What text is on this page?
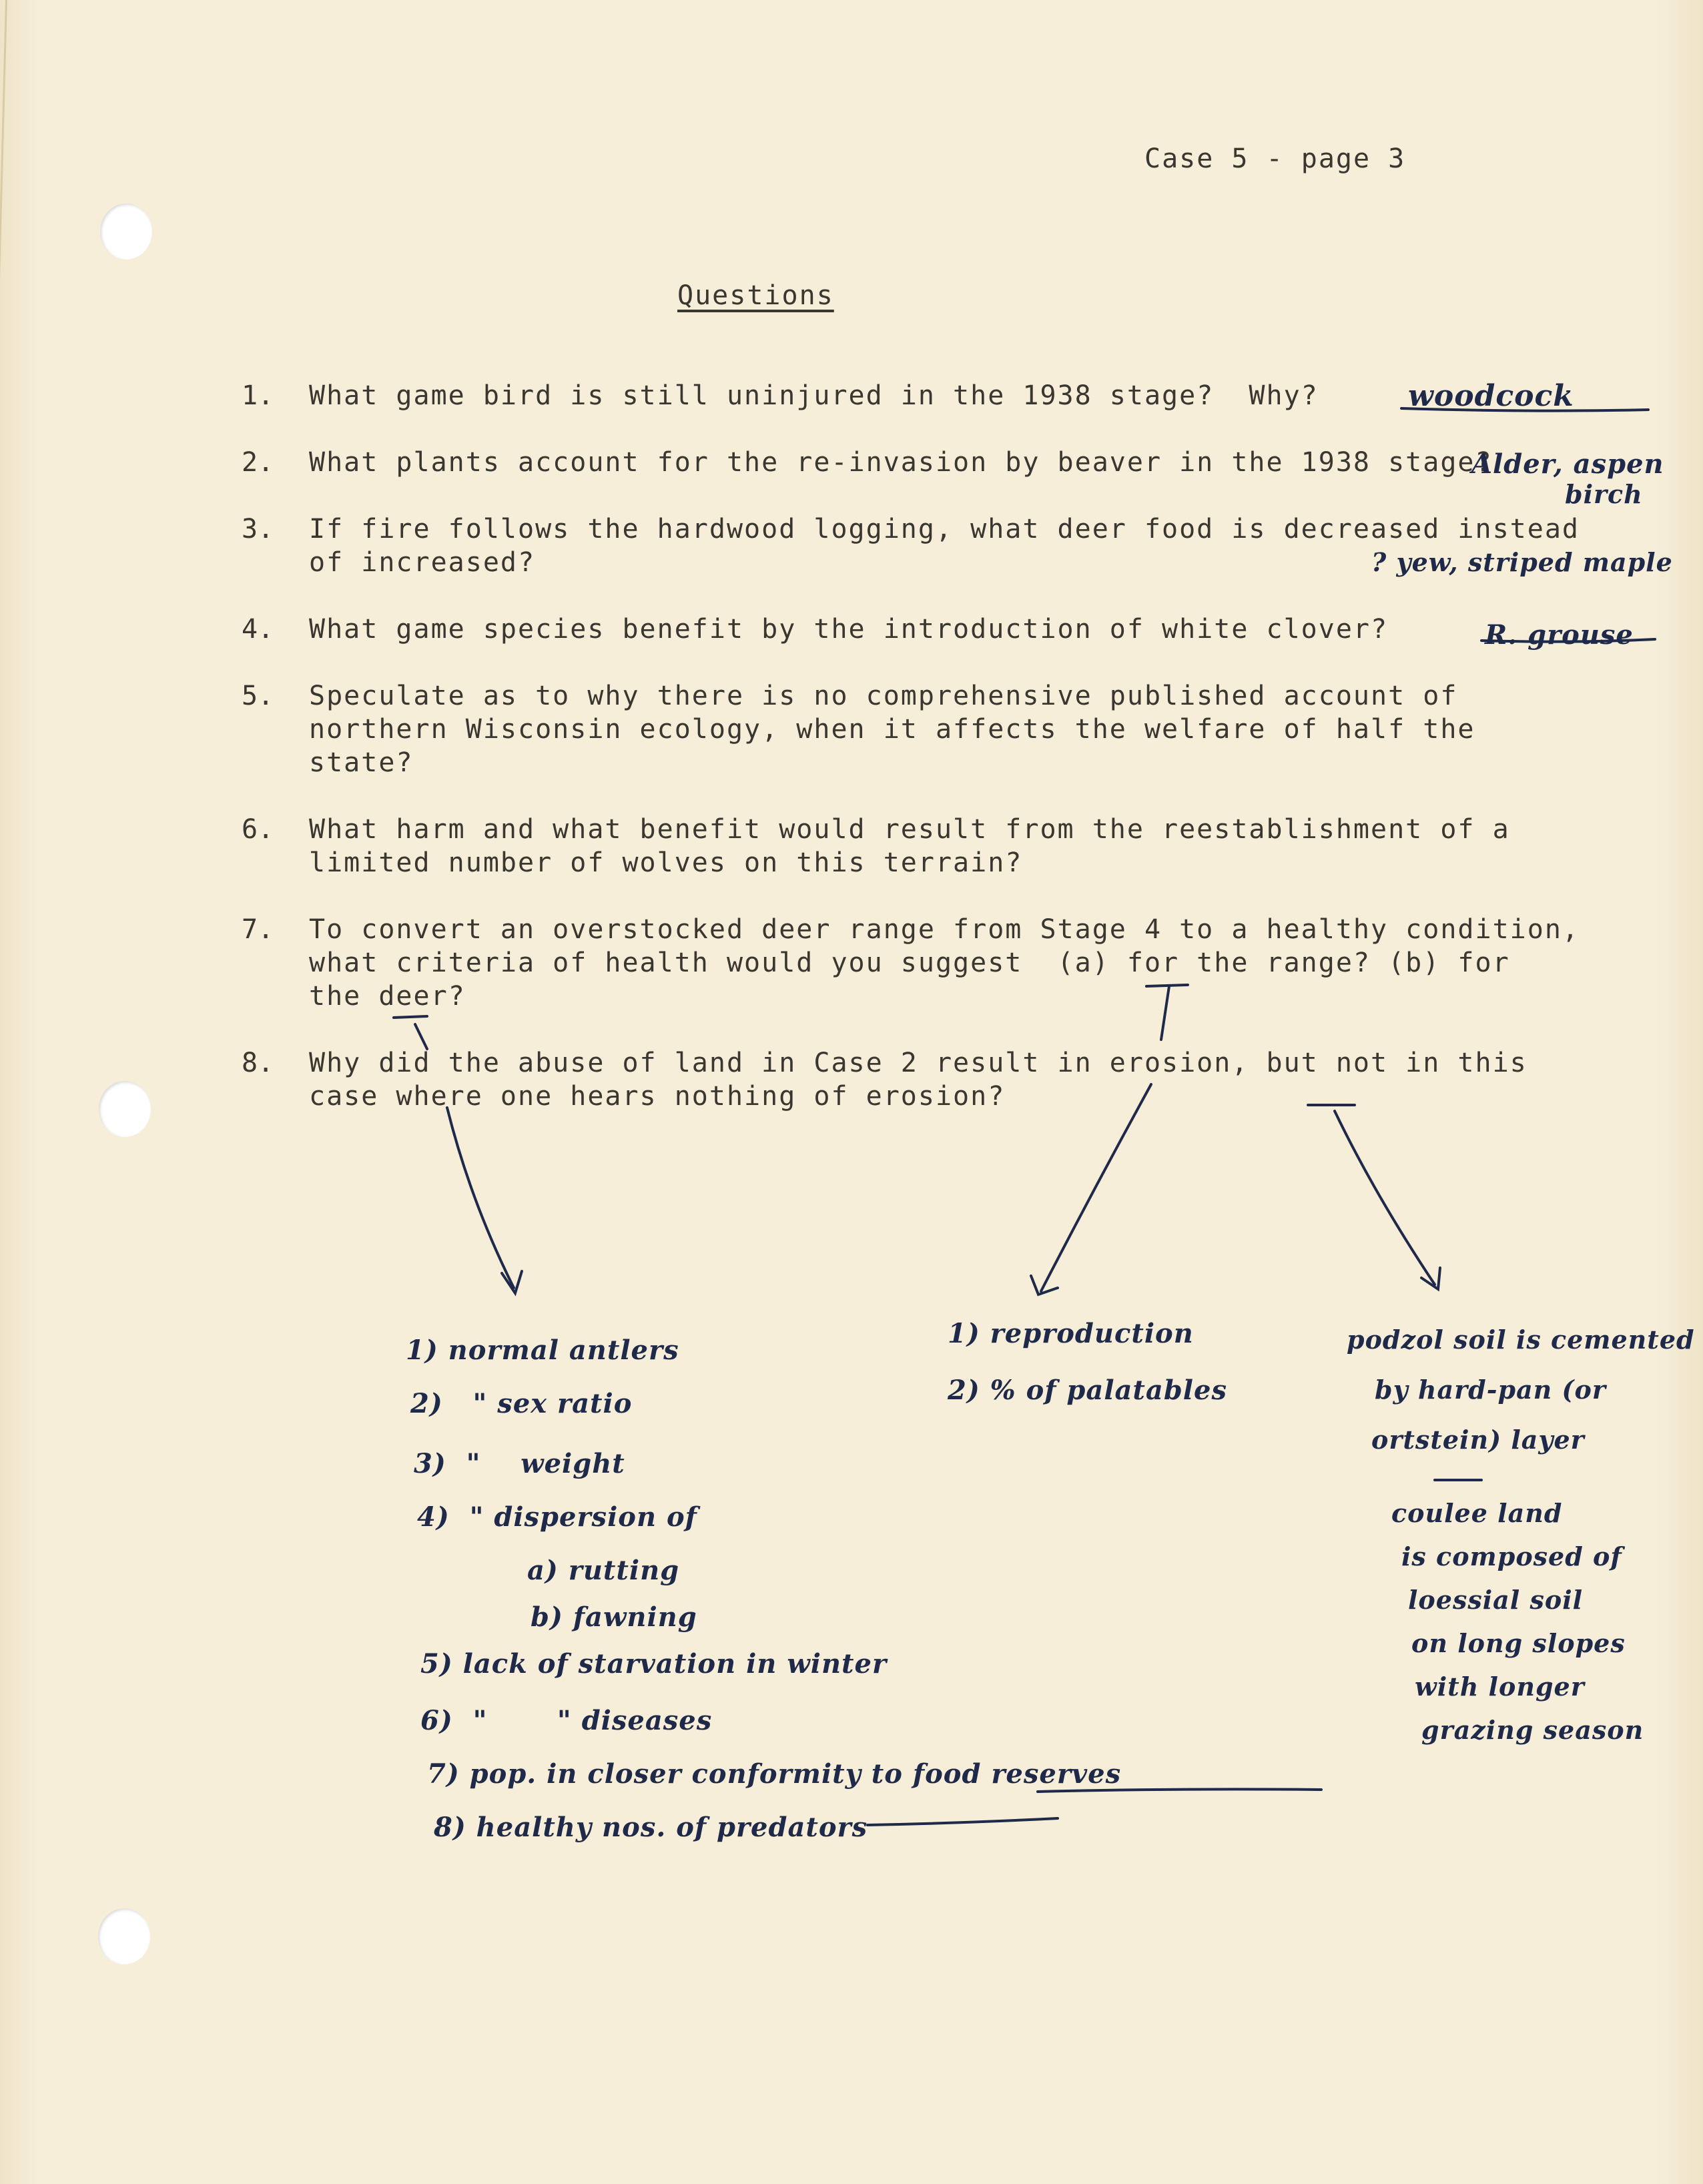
Case 5 - page 3
Questions
1. What game bird is still uninjured in the 1938 stage?  Why?
2. What plants account for the re-invasion by beaver in the 1938 stage?
3. If fire follows the hardwood logging, what deer food is decreased instead
of increased?
4. What game species benefit by the introduction of white clover?
5. Speculate as to why there is no comprehensive published account of
northern Wisconsin ecology, when it affects the welfare of half the
state?
6. What harm and what benefit would result from the reestablishment of a
limited number of wolves on this terrain?
7. To convert an overstocked deer range from Stage 4 to a healthy condition,
what criteria of health would you suggest  (a) for the range? (b) for
the deer?
8. Why did the abuse of land in Case 2 result in erosion, but not in this
case where one hears nothing of erosion?
woodcock
Alder, aspen
birch
? yew, striped maple
R. grouse
1) normal antlers
2)   " sex ratio
3)  "    weight
4)  " dispersion of
a) rutting
b) fawning
5) lack of starvation in winter
6)  "       " diseases
7) pop. in closer conformity to food reserves
8) healthy nos. of predators
1) reproduction
2) % of palatables
podzol soil is cemented
by hard-pan (or
ortstein) layer
coulee land
is composed of
loessial soil
on long slopes
with longer
grazing season
